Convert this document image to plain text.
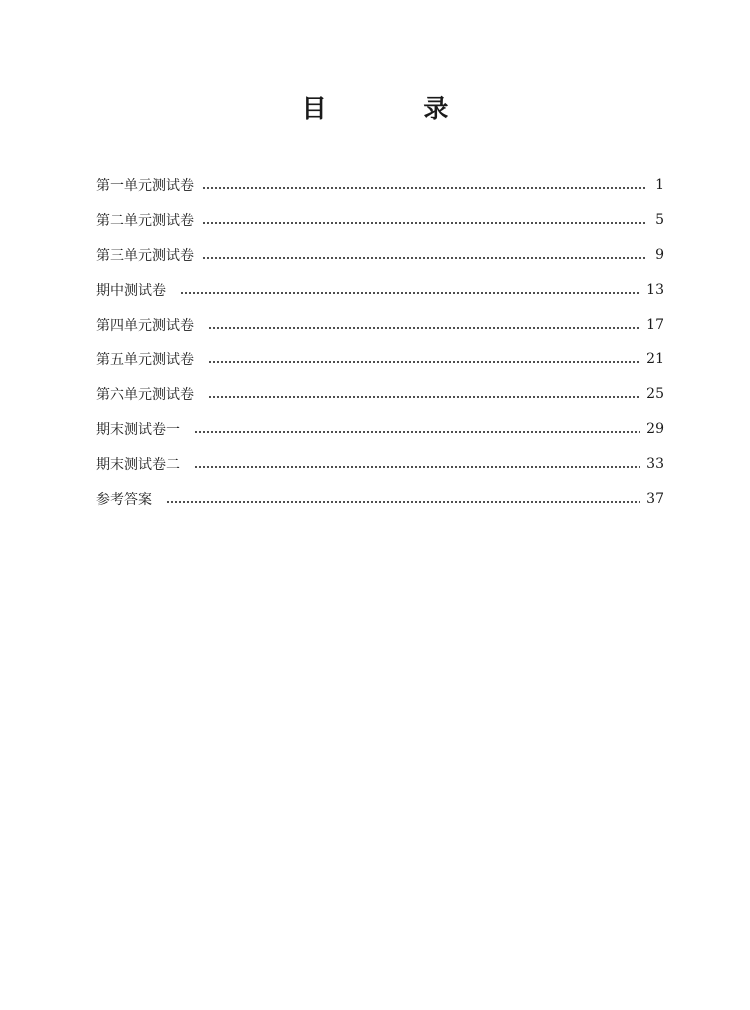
目 录
第一单元测试卷	1
第二单元测试卷	5
第三单元测试卷	9
期中测试卷	13
第四单元测试卷	17
第五单元测试卷	21
第六单元测试卷	25
期末测试卷一	29
期末测试卷二	33
参考答案	37
